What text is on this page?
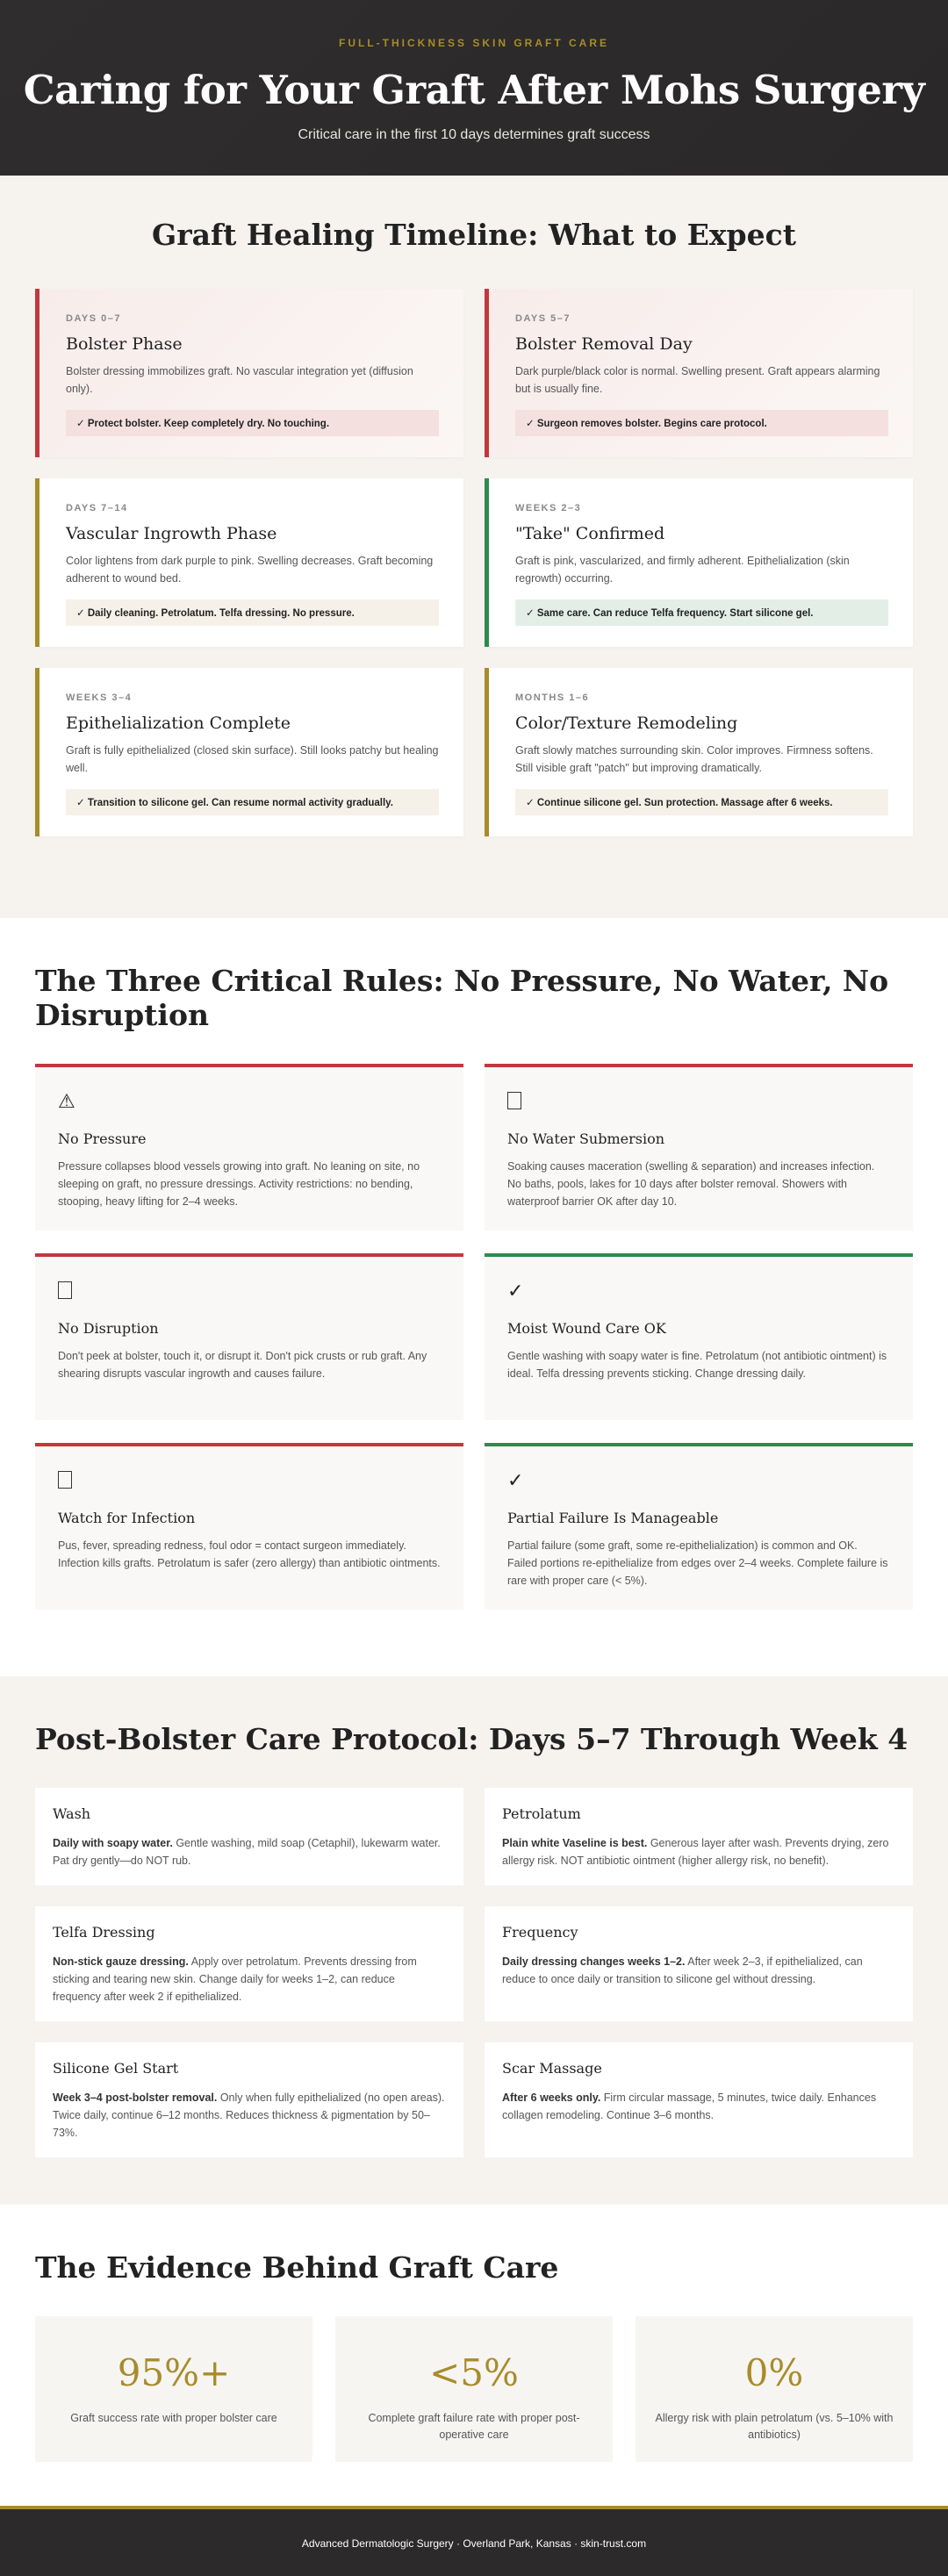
FULL-THICKNESS SKIN GRAFT CARE
Caring for Your Graft After Mohs Surgery
Critical care in the first 10 days determines graft success
Graft Healing Timeline: What to Expect
DAYS 0–7
Bolster Phase

Bolster dressing immobilizes graft. No vascular integration yet (diffusion only).

✓ Protect bolster. Keep completely dry. No touching.
DAYS 5–7
Bolster Removal Day

Dark purple/black color is normal. Swelling present. Graft appears alarming but is usually fine.

✓ Surgeon removes bolster. Begins care protocol.
DAYS 7–14
Vascular Ingrowth Phase

Color lightens from dark purple to pink. Swelling decreases. Graft becoming adherent to wound bed.

✓ Daily cleaning. Petrolatum. Telfa dressing. No pressure.
WEEKS 2–3
"Take" Confirmed

Graft is pink, vascularized, and firmly adherent. Epithelialization (skin regrowth) occurring.

✓ Same care. Can reduce Telfa frequency. Start silicone gel.
WEEKS 3–4
Epithelialization Complete

Graft is fully epithelialized (closed skin surface). Still looks patchy but healing well.

✓ Transition to silicone gel. Can resume normal activity gradually.
MONTHS 1–6
Color/Texture Remodeling

Graft slowly matches surrounding skin. Color improves. Firmness softens. Still visible graft "patch" but improving dramatically.

✓ Continue silicone gel. Sun protection. Massage after 6 weeks.
The Three Critical Rules: No Pressure, No Water, No Disruption
⚠
No Pressure

Pressure collapses blood vessels growing into graft. No leaning on site, no sleeping on graft, no pressure dressings. Activity restrictions: no bending, stooping, heavy lifting for 2–4 weeks.

No Water Submersion

Soaking causes maceration (swelling & separation) and increases infection. No baths, pools, lakes for 10 days after bolster removal. Showers with waterproof barrier OK after day 10.

No Disruption

Don't peek at bolster, touch it, or disrupt it. Don't pick crusts or rub graft. Any shearing disrupts vascular ingrowth and causes failure.

✓
Moist Wound Care OK

Gentle washing with soapy water is fine. Petrolatum (not antibiotic ointment) is ideal. Telfa dressing prevents sticking. Change dressing daily.

Watch for Infection

Pus, fever, spreading redness, foul odor = contact surgeon immediately. Infection kills grafts. Petrolatum is safer (zero allergy) than antibiotic ointments.

✓
Partial Failure Is Manageable

Partial failure (some graft, some re-epithelialization) is common and OK. Failed portions re-epithelialize from edges over 2–4 weeks. Complete failure is rare with proper care (< 5%).

Post-Bolster Care Protocol: Days 5–7 Through Week 4
Wash

Daily with soapy water. Gentle washing, mild soap (Cetaphil), lukewarm water. Pat dry gently—do NOT rub.

Petrolatum

Plain white Vaseline is best. Generous layer after wash. Prevents drying, zero allergy risk. NOT antibiotic ointment (higher allergy risk, no benefit).

Telfa Dressing

Non-stick gauze dressing. Apply over petrolatum. Prevents dressing from sticking and tearing new skin. Change daily for weeks 1–2, can reduce frequency after week 2 if epithelialized.

Frequency

Daily dressing changes weeks 1–2. After week 2–3, if epithelialized, can reduce to once daily or transition to silicone gel without dressing.

Silicone Gel Start

Week 3–4 post-bolster removal. Only when fully epithelialized (no open areas). Twice daily, continue 6–12 months. Reduces thickness & pigmentation by 50–73%.

Scar Massage

After 6 weeks only. Firm circular massage, 5 minutes, twice daily. Enhances collagen remodeling. Continue 3–6 months.

The Evidence Behind Graft Care
95%+
Graft success rate with proper bolster care
<5%
Complete graft failure rate with proper post-operative care
0%
Allergy risk with plain petrolatum (vs. 5–10% with antibiotics)
Advanced Dermatologic Surgery · Overland Park, Kansas · skin-trust.com
